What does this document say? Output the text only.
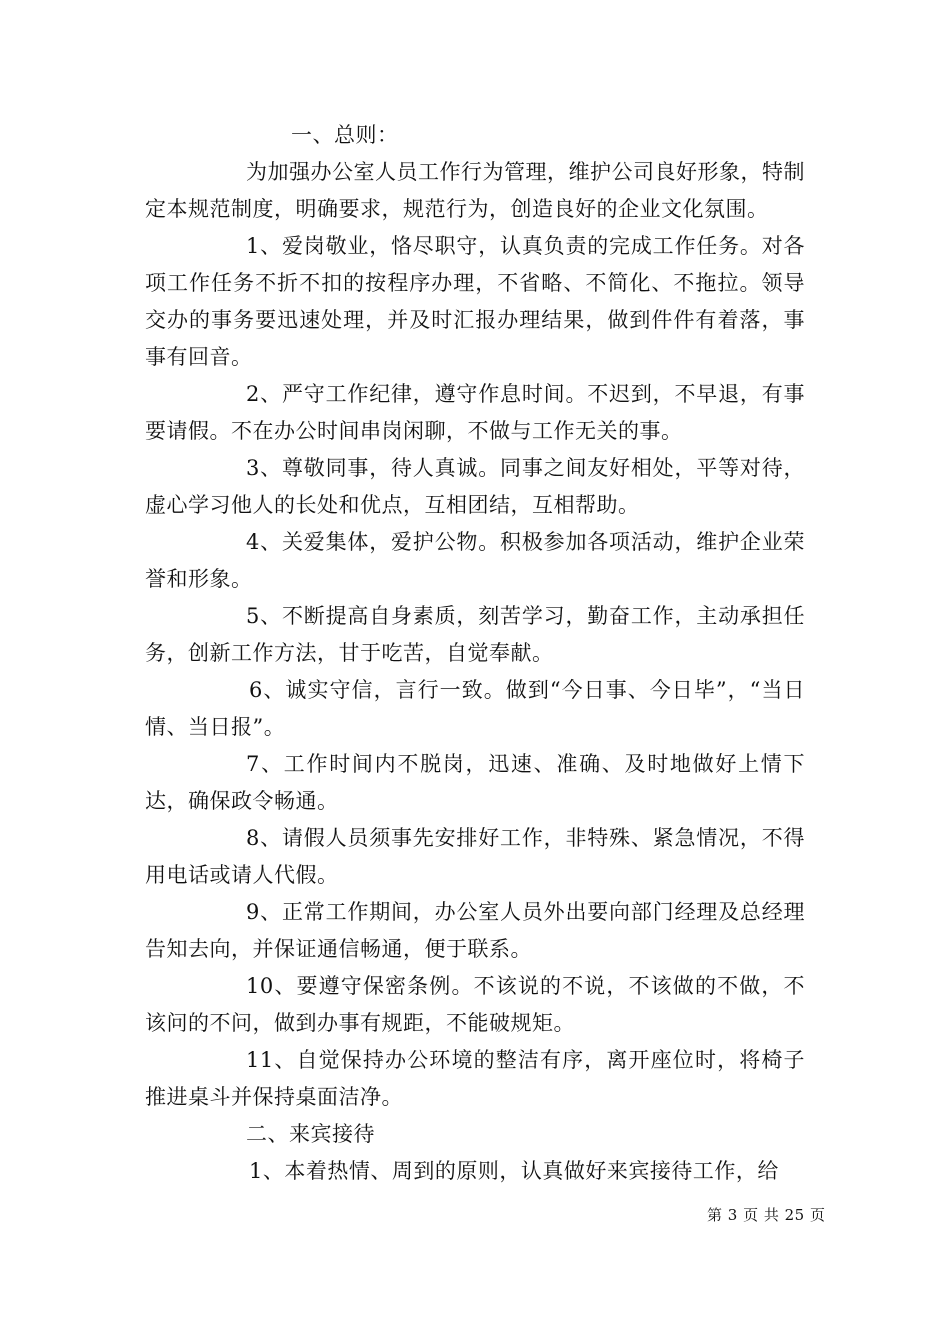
一、总则：

为加强办公室人员工作行为管理，维护公司良好形象，特制定本规范制度，明确要求，规范行为，创造良好的企业文化氛围。

1、爱岗敬业，恪尽职守，认真负责的完成工作任务。对各项工作任务不折不扣的按程序办理，不省略、不简化、不拖拉。领导交办的事务要迅速处理，并及时汇报办理结果，做到件件有着落，事事有回音。

2、严守工作纪律，遵守作息时间。不迟到，不早退，有事要请假。不在办公时间串岗闲聊，不做与工作无关的事。

3、尊敬同事，待人真诚。同事之间友好相处，平等对待，虚心学习他人的长处和优点，互相团结，互相帮助。

4、关爱集体，爱护公物。积极参加各项活动，维护企业荣誉和形象。

5、不断提高自身素质，刻苦学习，勤奋工作，主动承担任务，创新工作方法，甘于吃苦，自觉奉献。

6、诚实守信，言行一致。做到“今日事、今日毕”，“当日情、当日报”。

7、工作时间内不脱岗，迅速、准确、及时地做好上情下达，确保政令畅通。

8、请假人员须事先安排好工作，非特殊、紧急情况，不得用电话或请人代假。

9、正常工作期间，办公室人员外出要向部门经理及总经理告知去向，并保证通信畅通，便于联系。

10、要遵守保密条例。不该说的不说，不该做的不做，不该问的不问，做到办事有规距，不能破规矩。

11、自觉保持办公环境的整洁有序，离开座位时，将椅子推进桌斗并保持桌面洁净。

二、来宾接待

1、本着热情、周到的原则，认真做好来宾接待工作，给

第 3 页 共 25 页
